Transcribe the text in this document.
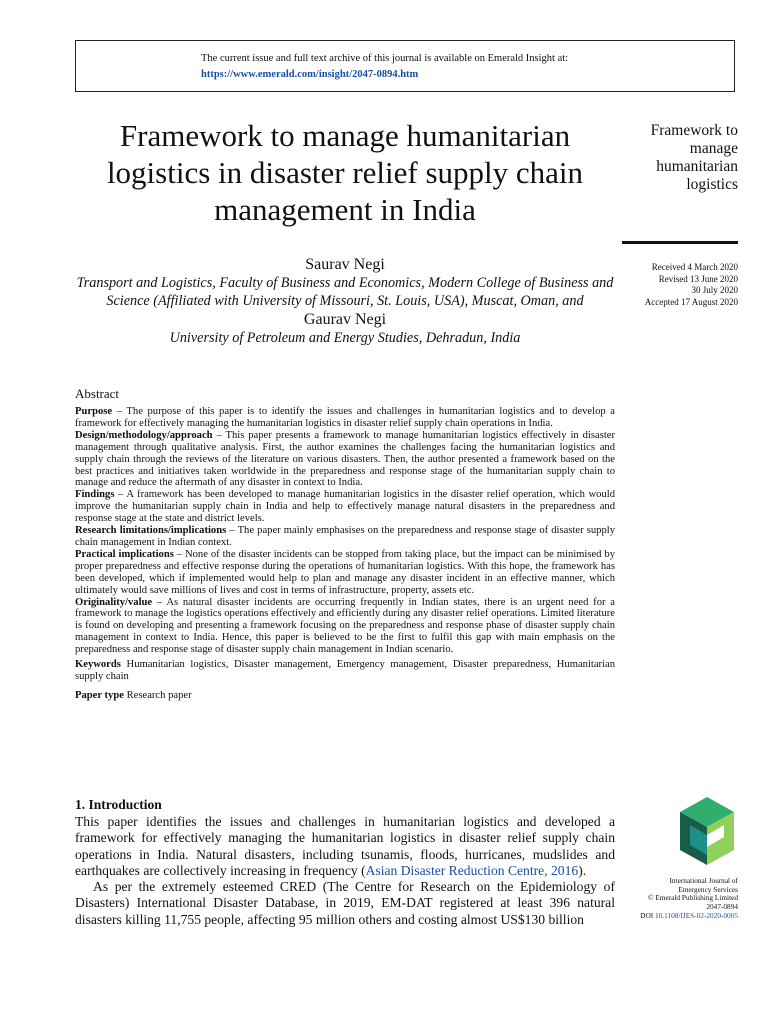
The current issue and full text archive of this journal is available on Emerald Insight at:
https://www.emerald.com/insight/2047-0894.htm
Framework to manage humanitarian logistics in disaster relief supply chain management in India
Saurav Negi
Transport and Logistics, Faculty of Business and Economics, Modern College of Business and Science (Affiliated with University of Missouri, St. Louis, USA), Muscat, Oman, and
Gaurav Negi
University of Petroleum and Energy Studies, Dehradun, India
Framework to manage humanitarian logistics
Received 4 March 2020
Revised 13 June 2020
30 July 2020
Accepted 17 August 2020
Abstract

Purpose – The purpose of this paper is to identify the issues and challenges in humanitarian logistics and to develop a framework for effectively managing the humanitarian logistics in disaster relief supply chain operations in India.

Design/methodology/approach – This paper presents a framework to manage humanitarian logistics effectively in disaster management through qualitative analysis. First, the author examines the challenges facing the humanitarian logistics and supply chain through the reviews of the literature on various disasters. Then, the author presented a framework based on the best practices and initiatives taken worldwide in the preparedness and response stage of the humanitarian supply chain to manage and reduce the aftermath of any disaster in context to India.

Findings – A framework has been developed to manage humanitarian logistics in the disaster relief operation, which would improve the humanitarian supply chain in India and help to effectively manage natural disasters in the preparedness and response stage at the state and district levels.

Research limitations/implications – The paper mainly emphasises on the preparedness and response stage of disaster supply chain management in Indian context.

Practical implications – None of the disaster incidents can be stopped from taking place, but the impact can be minimised by proper preparedness and effective response during the operations of humanitarian logistics. With this hope, the framework has been developed, which if implemented would help to plan and manage any disaster incident in an effective manner, which ultimately would save millions of lives and cost in terms of infrastructure, property, assets etc.

Originality/value – As natural disaster incidents are occurring frequently in Indian states, there is an urgent need for a framework to manage the logistics operations effectively and efficiently during any disaster relief operations. Limited literature is found on developing and presenting a framework focusing on the preparedness and response phase of disaster supply chain management in context to India. Hence, this paper is believed to be the first to fulfil this gap with main emphasis on the preparedness and response stage of disaster supply chain management in Indian scenario.

Keywords Humanitarian logistics, Disaster management, Emergency management, Disaster preparedness, Humanitarian supply chain

Paper type Research paper

1. Introduction

This paper identifies the issues and challenges in humanitarian logistics and developed a framework for effectively managing the humanitarian logistics in disaster relief supply chain operations in India. Natural disasters, including tsunamis, floods, hurricanes, mudslides and earthquakes are collectively increasing in frequency (Asian Disaster Reduction Centre, 2016).

As per the extremely esteemed CRED (The Centre for Research on the Epidemiology of Disasters) International Disaster Database, in 2019, EM-DAT registered at least 396 natural disasters killing 11,755 people, affecting 95 million others and costing almost US$130 billion

International Journal of
Emergency Services
© Emerald Publishing Limited
2047-0894
DOI 10.1108/IJES-02-2020-0005
